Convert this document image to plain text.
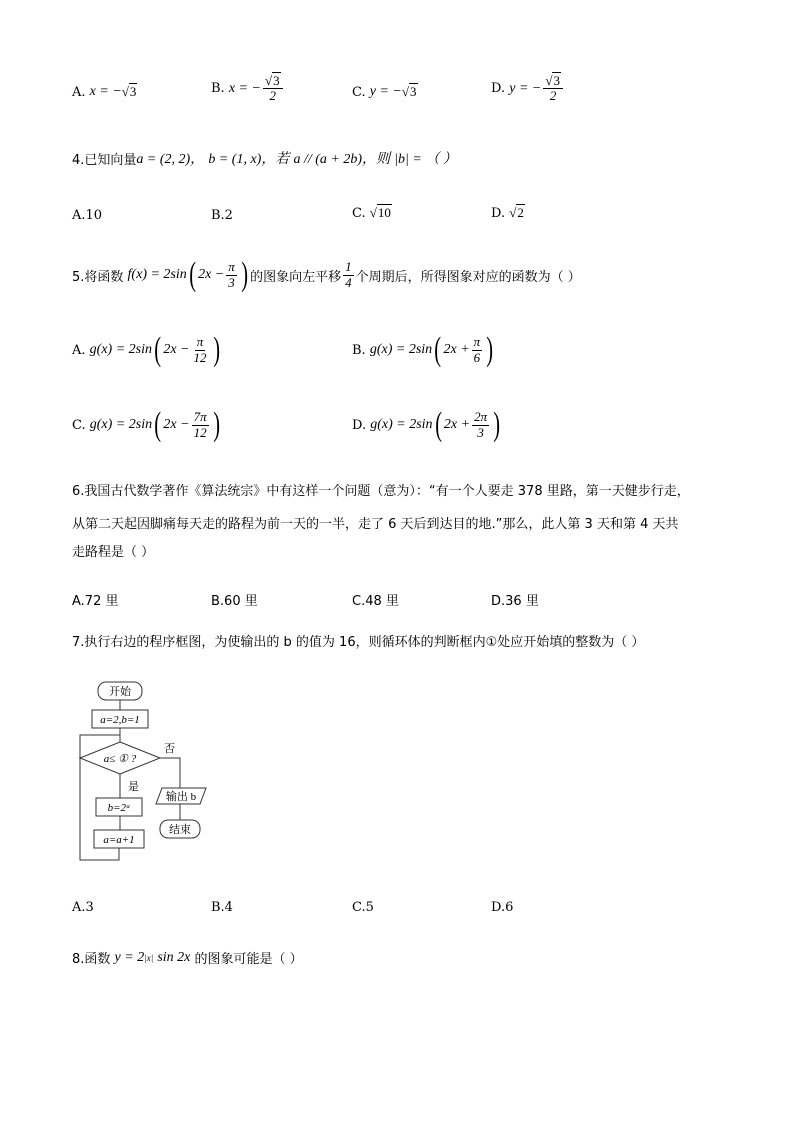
A.
x = − √3	B.
x = − $\frac{√3}{2}$	C.
y = − √3	D.
y = − $\frac{√3}{2}$
4.已知向量 a = (2, 2)，
b = (1, x)，若
a // (a + 2b)，则
|b| = （ ）
A.10	B.2	C.
√10	D.
√2
5.将函数
f(x) = 2sin ( $2x - \frac{\pi}{3}$ ) 的图象向左平移 $\frac{1}{4}$ 个周期后，所得图象对应的函数为（ ）
A.
g(x) = 2sin ( $2x - \frac{\pi}{12}$ )	B.
g(x) = 2sin ( $2x + \frac{\pi}{6}$ )
C.
g(x) = 2sin ( $2x - \frac{7\pi}{12}$ )	D.
g(x) = 2sin ( $2x + \frac{2\pi}{3}$ )
6.我国古代数学著作《算法统宗》中有这样一个问题（意为）：“有一个人要走 378 里路，第一天健步行走，
从第二天起因脚痛每天走的路程为前一天的一半，走了 6 天后到达目的地.”那么，此人第 3 天和第 4 天共
走路程是（ ）
A.72 里	B.60 里	C.48 里	D.36 里
7.执行右边的程序框图，为使输出的 b 的值为 16，则循环体的判断框内①处应开始填的整数为（ ）
开始
a=2,b=1
a≤ ① ?
否
输出 b
结束
是
b=2ᵃ
a=a+1
A.3	B.4	C.5	D.6
8.函数
y = 2 |x|
sin 2x
的图象可能是（ ）
